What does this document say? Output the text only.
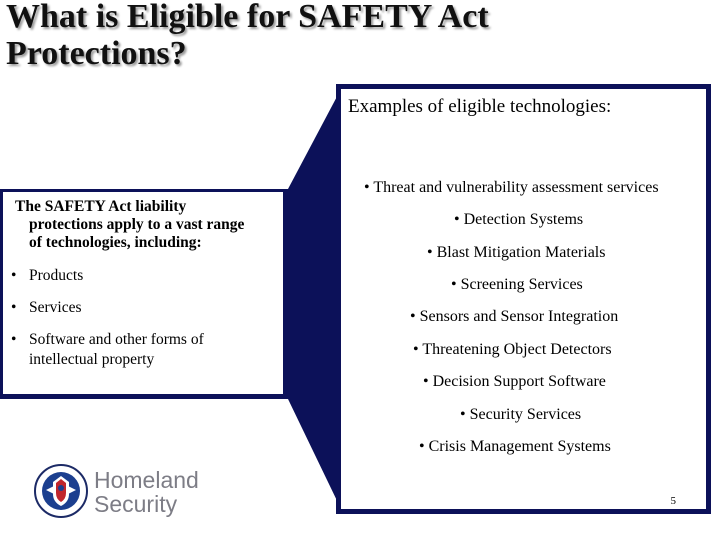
What is Eligible for SAFETY Act
Protections?
The SAFETY Act liability
protections apply to a vast range
of technologies, including:
• Products
• Services
• Software and other forms of
intellectual property
Examples of eligible technologies:
• Threat and vulnerability assessment services
• Detection Systems
• Blast Mitigation Materials
• Screening Services
• Sensors and Sensor Integration
• Threatening Object Detectors
• Decision Support Software
• Security Services
• Crisis Management Systems
5
Homeland
Security
